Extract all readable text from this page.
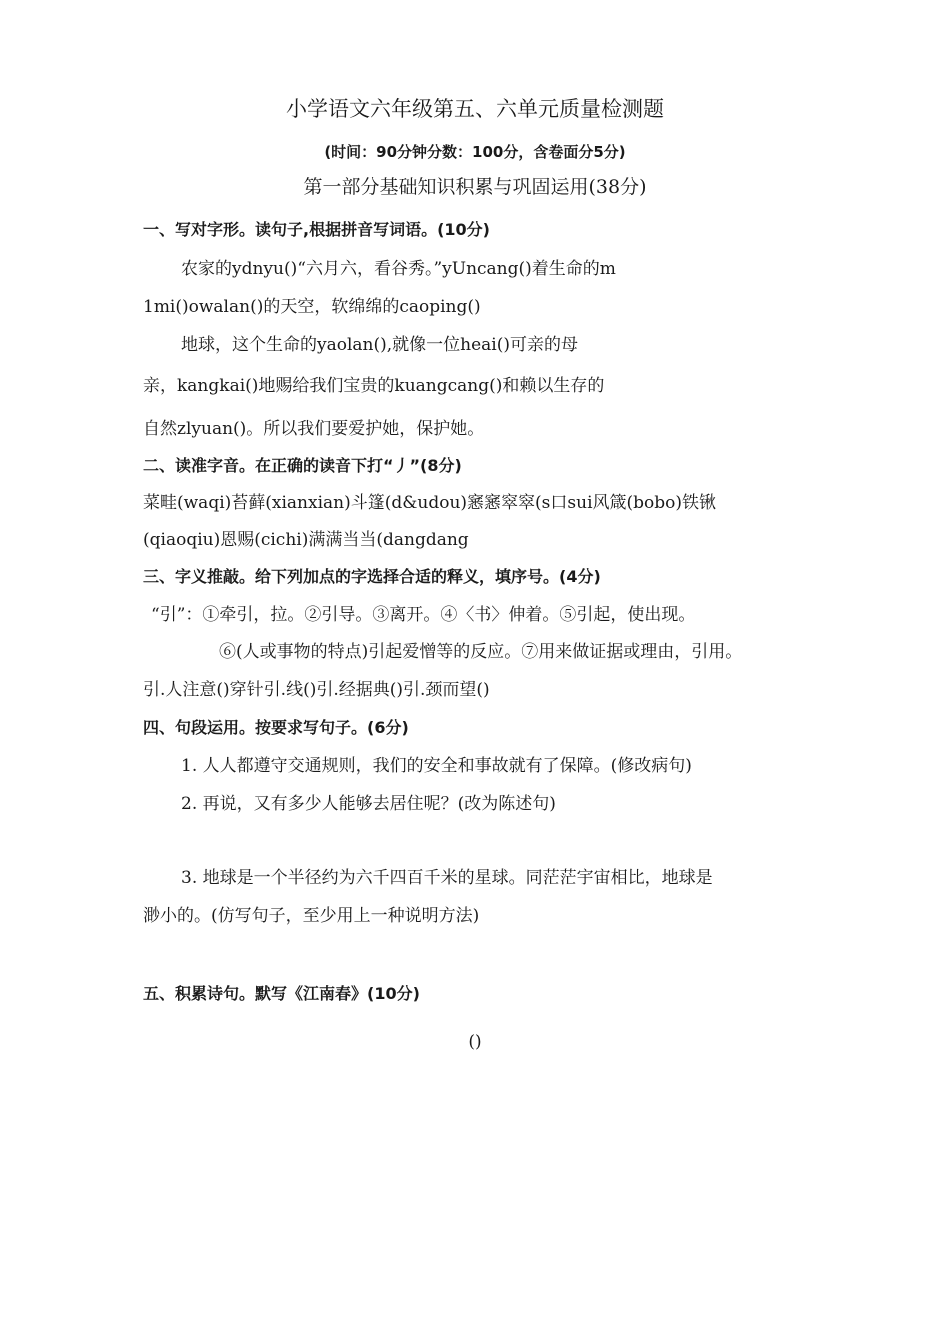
小学语文六年级第五、六单元质量检测题
(时间：90分钟分数：100分，含卷面分5分)
第一部分基础知识积累与巩固运用(38分)
一、写对字形。读句子,根据拼音写词语。(10分)
农家的ydnyu()“六月六，看谷秀。”yUncang()着生命的m
1mi()owalan()的天空，软绵绵的caoping()
地球，这个生命的yaolan(),就像一位heai()可亲的母
亲，kangkai()地赐给我们宝贵的kuangcang()和赖以生存的
自然zlyuan()。所以我们要爱护她，保护她。
二、读准字音。在正确的读音下打“丿”(8分)
菜畦(waqi)苔藓(xianxian)斗篷(d&udou)窸窸窣窣(s口sui风箴(bobo)铁锹
(qiaoqiu)恩赐(cichi)满满当当(dangdang
三、字义推敲。给下列加点的字选择合适的释义，填序号。(4分)
“引”：①牵引，拉。②引导。③离开。④〈书〉伸着。⑤引起，使出现。
⑥(人或事物的特点)引起爱憎等的反应。⑦用来做证据或理由，引用。
引.人注意()穿针引.线()引.经据典()引.颈而望()
四、句段运用。按要求写句子。(6分)
1. 人人都遵守交通规则，我们的安全和事故就有了保障。(修改病句)
2. 再说，又有多少人能够去居住呢？(改为陈述句)
3. 地球是一个半径约为六千四百千米的星球。同茫茫宇宙相比，地球是
渺小的。(仿写句子，至少用上一种说明方法)
五、积累诗句。默写《江南春》(10分)
()
